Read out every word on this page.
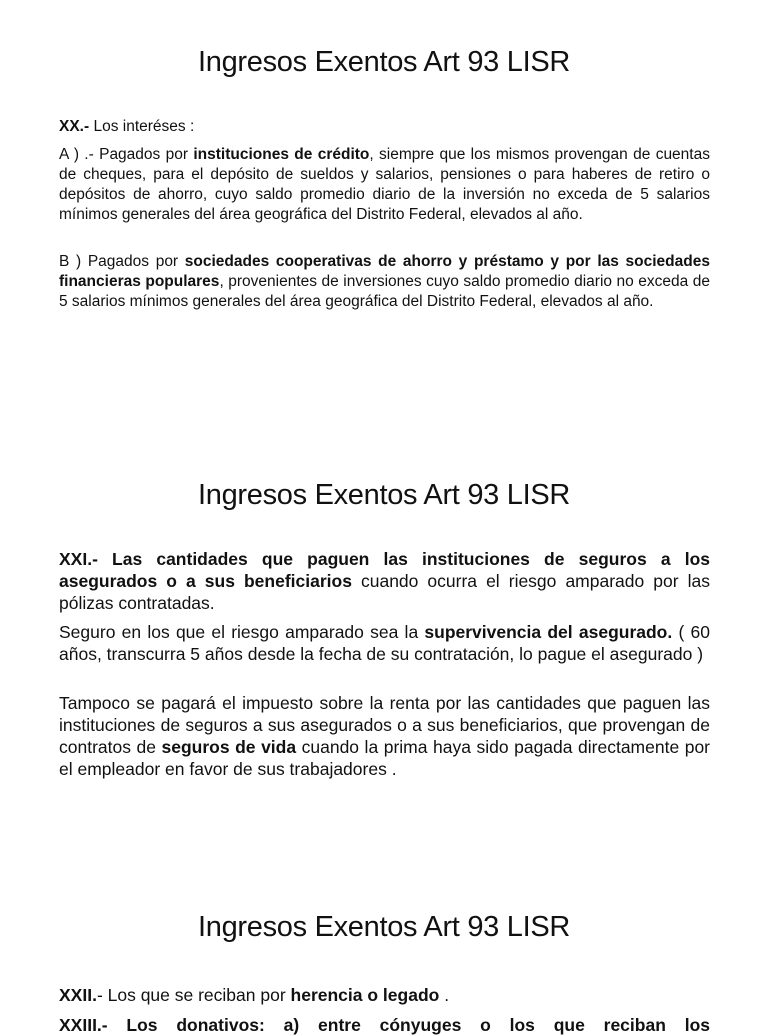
Ingresos Exentos Art 93 LISR

XX.- Los interéses :

A ) .- Pagados por instituciones de crédito, siempre que los mismos provengan de cuentas de cheques, para el depósito de sueldos y salarios, pensiones o para haberes de retiro o depósitos de ahorro, cuyo saldo promedio diario de la inversión no exceda de 5 salarios mínimos generales del área geográfica del Distrito Federal, elevados al año.

B ) Pagados por sociedades cooperativas de ahorro y préstamo y por las sociedades financieras populares, provenientes de inversiones cuyo saldo promedio diario no exceda de 5 salarios mínimos generales del área geográfica del Distrito Federal, elevados al año.

Ingresos Exentos Art 93 LISR

XXI.- Las cantidades que paguen las instituciones de seguros a los asegurados o a sus beneficiarios cuando ocurra el riesgo amparado por las pólizas contratadas.

Seguro en los que el riesgo amparado sea la supervivencia del asegurado. ( 60 años, transcurra 5 años desde la fecha de su contratación, lo pague el asegurado )

Tampoco se pagará el impuesto sobre la renta por las cantidades que paguen las instituciones de seguros a sus asegurados o a sus beneficiarios, que provengan de contratos de seguros de vida cuando la prima haya sido pagada directamente por el empleador en favor de sus trabajadores .

Ingresos Exentos Art 93 LISR

XXII.- Los que se reciban por herencia o legado .

XXIII.- Los donativos: a) entre cónyuges o los que reciban los
